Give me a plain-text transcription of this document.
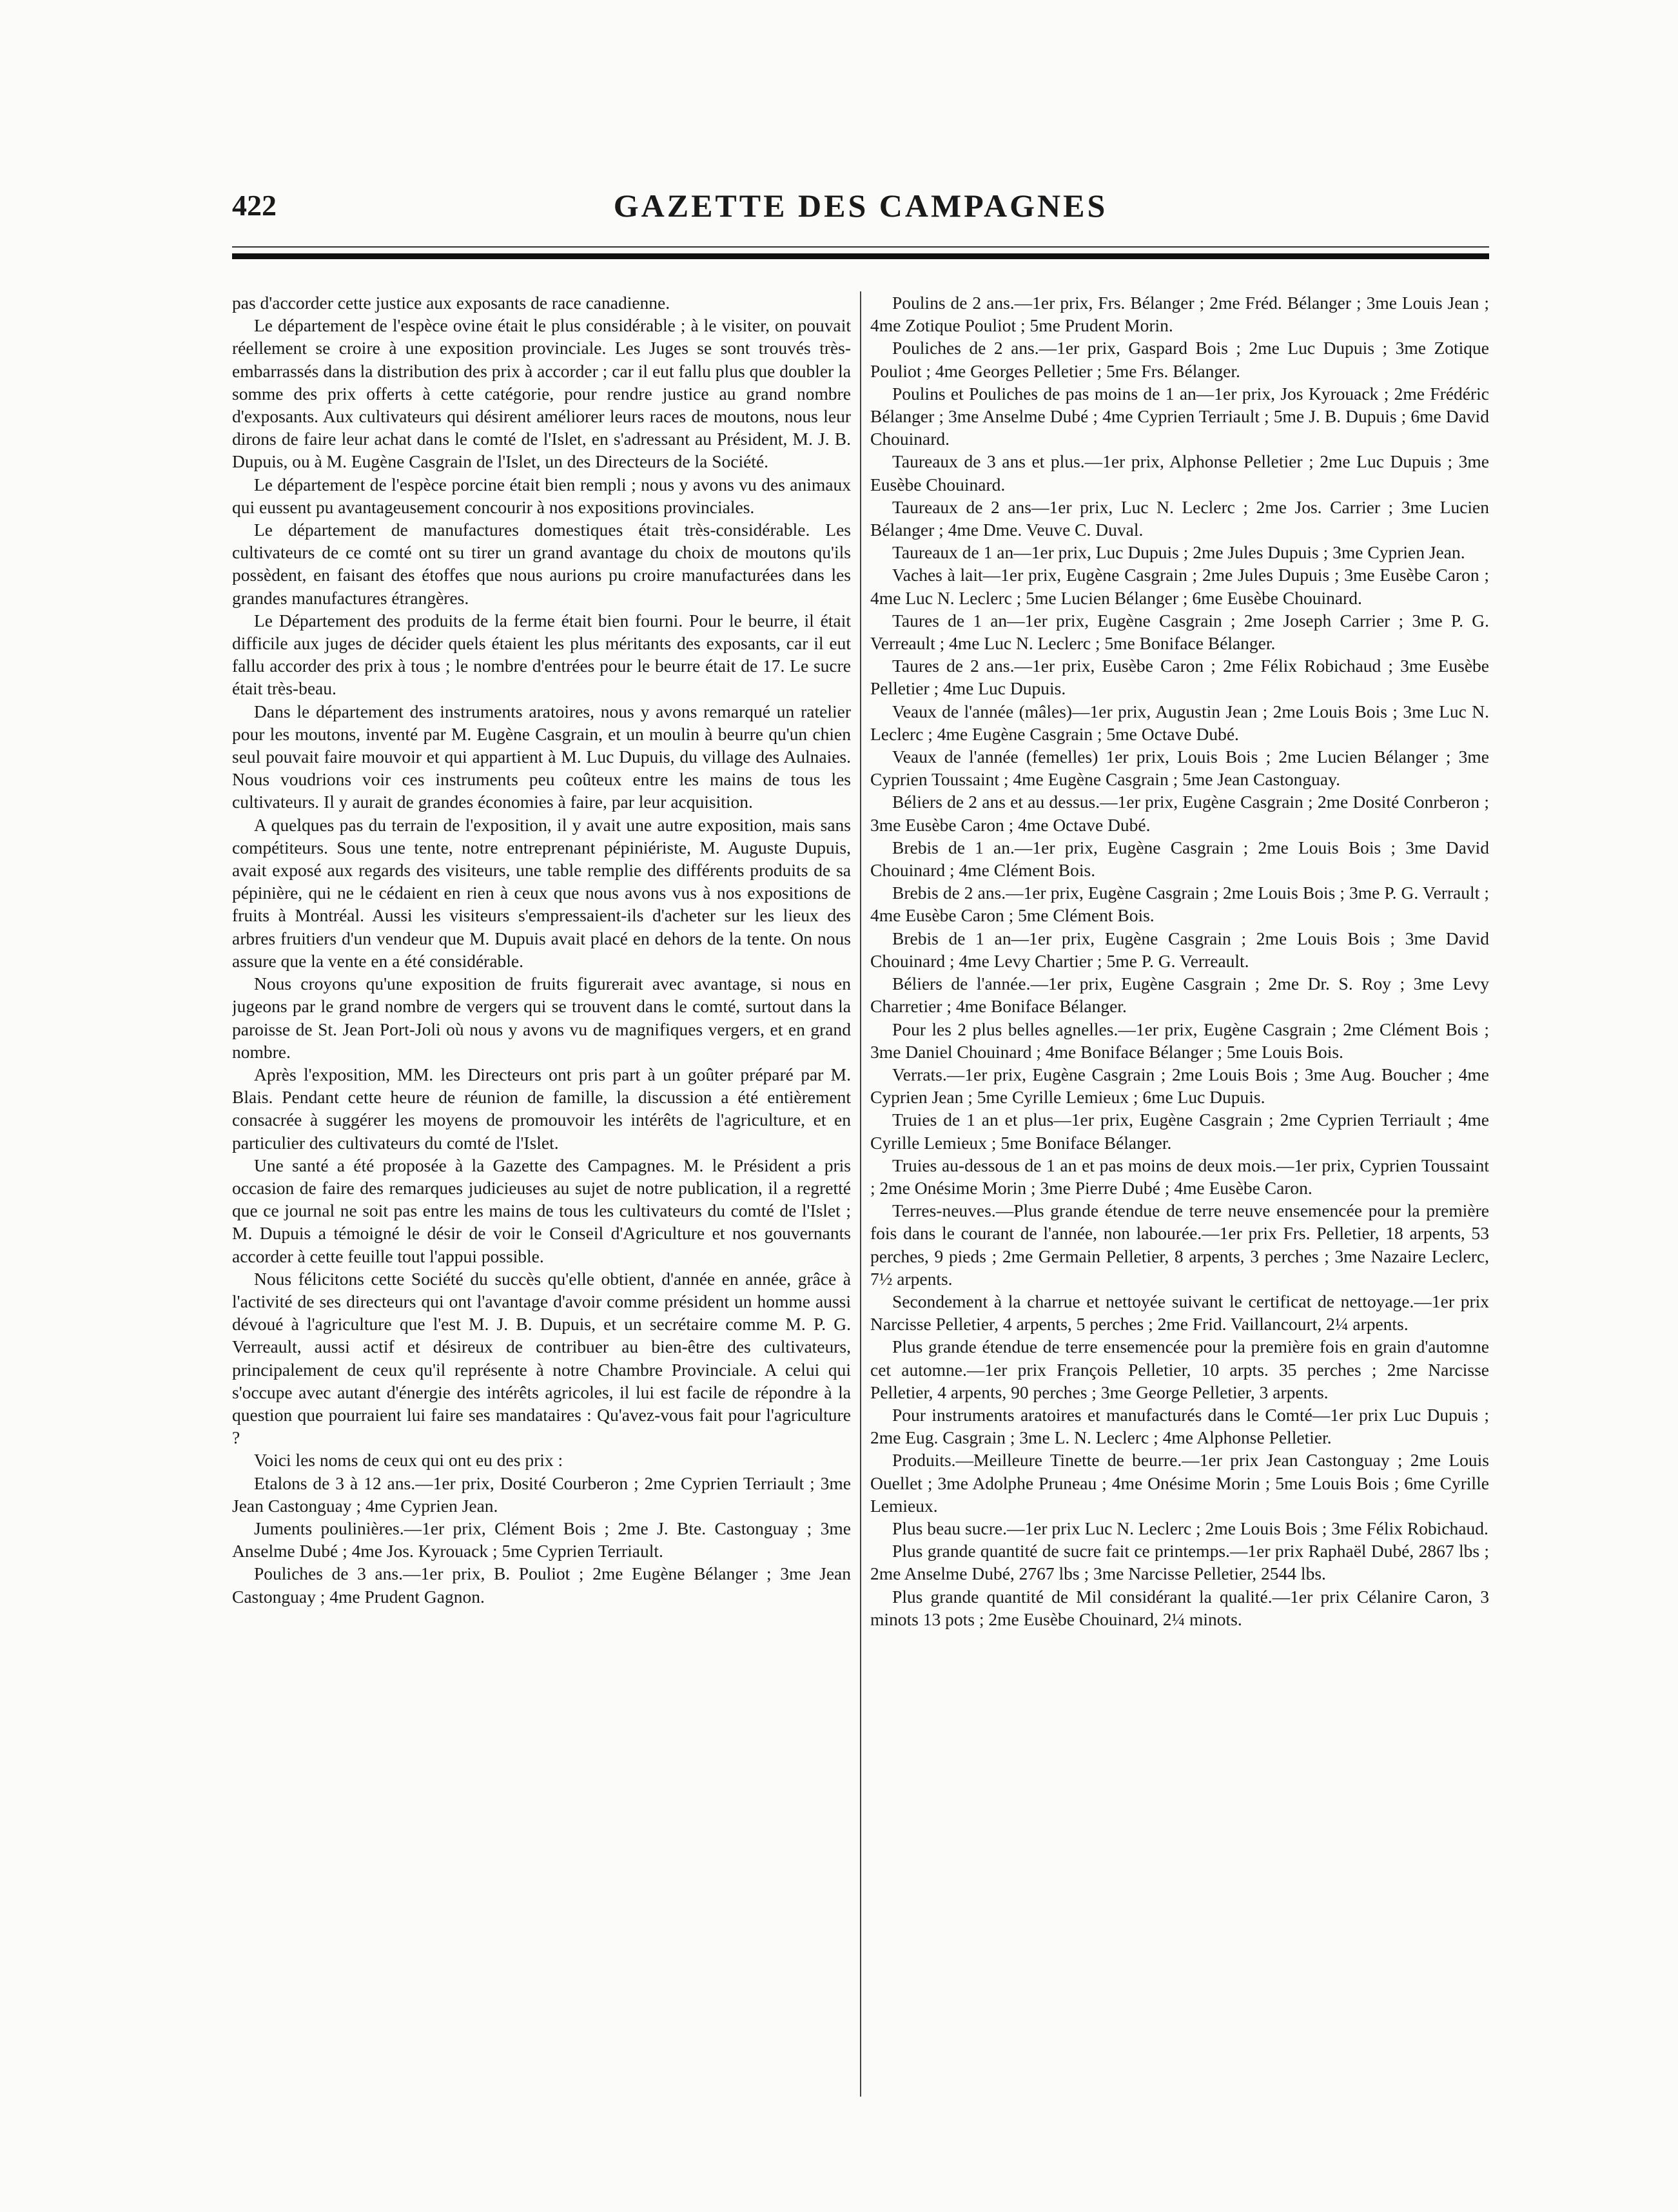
422	GAZETTE DES CAMPAGNES

pas d'accorder cette justice aux exposants de race canadienne.

Le département de l'espèce ovine était le plus considérable ; à le visiter, on pouvait réellement se croire à une exposition provinciale. Les Juges se sont trouvés très-embarrassés dans la distribution des prix à accorder ; car il eut fallu plus que doubler la somme des prix offerts à cette catégorie, pour rendre justice au grand nombre d'exposants. Aux cultivateurs qui désirent améliorer leurs races de moutons, nous leur dirons de faire leur achat dans le comté de l'Islet, en s'adressant au Président, M. J. B. Dupuis, ou à M. Eugène Casgrain de l'Islet, un des Directeurs de la Société.

Le département de l'espèce porcine était bien rempli ; nous y avons vu des animaux qui eussent pu avantageusement concourir à nos expositions provinciales.

Le département de manufactures domestiques était très-considérable. Les cultivateurs de ce comté ont su tirer un grand avantage du choix de moutons qu'ils possèdent, en faisant des étoffes que nous aurions pu croire manufacturées dans les grandes manufactures étrangères.

Le Département des produits de la ferme était bien fourni. Pour le beurre, il était difficile aux juges de décider quels étaient les plus méritants des exposants, car il eut fallu accorder des prix à tous ; le nombre d'entrées pour le beurre était de 17. Le sucre était très-beau.

Dans le département des instruments aratoires, nous y avons remarqué un ratelier pour les moutons, inventé par M. Eugène Casgrain, et un moulin à beurre qu'un chien seul pouvait faire mouvoir et qui appartient à M. Luc Dupuis, du village des Aulnaies. Nous voudrions voir ces instruments peu coûteux entre les mains de tous les cultivateurs. Il y aurait de grandes économies à faire, par leur acquisition.

A quelques pas du terrain de l'exposition, il y avait une autre exposition, mais sans compétiteurs. Sous une tente, notre entreprenant pépiniériste, M. Auguste Dupuis, avait exposé aux regards des visiteurs, une table remplie des différents produits de sa pépinière, qui ne le cédaient en rien à ceux que nous avons vus à nos expositions de fruits à Montréal. Aussi les visiteurs s'empressaient-ils d'acheter sur les lieux des arbres fruitiers d'un vendeur que M. Dupuis avait placé en dehors de la tente. On nous assure que la vente en a été considérable.

Nous croyons qu'une exposition de fruits figurerait avec avantage, si nous en jugeons par le grand nombre de vergers qui se trouvent dans le comté, surtout dans la paroisse de St. Jean Port-Joli où nous y avons vu de magnifiques vergers, et en grand nombre.

Après l'exposition, MM. les Directeurs ont pris part à un goûter préparé par M. Blais. Pendant cette heure de réunion de famille, la discussion a été entièrement consacrée à suggérer les moyens de promouvoir les intérêts de l'agriculture, et en particulier des cultivateurs du comté de l'Islet.

Une santé a été proposée à la Gazette des Campagnes. M. le Président a pris occasion de faire des remarques judicieuses au sujet de notre publication, il a regretté que ce journal ne soit pas entre les mains de tous les cultivateurs du comté de l'Islet ; M. Dupuis a témoigné le désir de voir le Conseil d'Agriculture et nos gouvernants accorder à cette feuille tout l'appui possible.

Nous félicitons cette Société du succès qu'elle obtient, d'année en année, grâce à l'activité de ses directeurs qui ont l'avantage d'avoir comme président un homme aussi dévoué à l'agriculture que l'est M. J. B. Dupuis, et un secrétaire comme M. P. G. Verreault, aussi actif et désireux de contribuer au bien-être des cultivateurs, principalement de ceux qu'il représente à notre Chambre Provinciale. A celui qui s'occupe avec autant d'énergie des intérêts agricoles, il lui est facile de répondre à la question que pourraient lui faire ses mandataires : Qu'avez-vous fait pour l'agriculture ?

Voici les noms de ceux qui ont eu des prix :

Etalons de 3 à 12 ans.—1er prix, Dosité Courberon ; 2me Cyprien Terriault ; 3me Jean Castonguay ; 4me Cyprien Jean.

Juments poulinières.—1er prix, Clément Bois ; 2me J. Bte. Castonguay ; 3me Anselme Dubé ; 4me Jos. Kyrouack ; 5me Cyprien Terriault.

Pouliches de 3 ans.—1er prix, B. Pouliot ; 2me Eugène Bélanger ; 3me Jean Castonguay ; 4me Prudent Gagnon.

Poulins de 2 ans.—1er prix, Frs. Bélanger ; 2me Fréd. Bélanger ; 3me Louis Jean ; 4me Zotique Pouliot ; 5me Prudent Morin.

Pouliches de 2 ans.—1er prix, Gaspard Bois ; 2me Luc Dupuis ; 3me Zotique Pouliot ; 4me Georges Pelletier ; 5me Frs. Bélanger.

Poulins et Pouliches de pas moins de 1 an—1er prix, Jos Kyrouack ; 2me Frédéric Bélanger ; 3me Anselme Dubé ; 4me Cyprien Terriault ; 5me J. B. Dupuis ; 6me David Chouinard.

Taureaux de 3 ans et plus.—1er prix, Alphonse Pelletier ; 2me Luc Dupuis ; 3me Eusèbe Chouinard.

Taureaux de 2 ans—1er prix, Luc N. Leclerc ; 2me Jos. Carrier ; 3me Lucien Bélanger ; 4me Dme. Veuve C. Duval.

Taureaux de 1 an—1er prix, Luc Dupuis ; 2me Jules Dupuis ; 3me Cyprien Jean.

Vaches à lait—1er prix, Eugène Casgrain ; 2me Jules Dupuis ; 3me Eusèbe Caron ; 4me Luc N. Leclerc ; 5me Lucien Bélanger ; 6me Eusèbe Chouinard.

Taures de 1 an—1er prix, Eugène Casgrain ; 2me Joseph Carrier ; 3me P. G. Verreault ; 4me Luc N. Leclerc ; 5me Boniface Bélanger.

Taures de 2 ans.—1er prix, Eusèbe Caron ; 2me Félix Robichaud ; 3me Eusèbe Pelletier ; 4me Luc Dupuis.

Veaux de l'année (mâles)—1er prix, Augustin Jean ; 2me Louis Bois ; 3me Luc N. Leclerc ; 4me Eugène Casgrain ; 5me Octave Dubé.

Veaux de l'année (femelles) 1er prix, Louis Bois ; 2me Lucien Bélanger ; 3me Cyprien Toussaint ; 4me Eugène Casgrain ; 5me Jean Castonguay.

Béliers de 2 ans et au dessus.—1er prix, Eugène Casgrain ; 2me Dosité Conrberon ; 3me Eusèbe Caron ; 4me Octave Dubé.

Brebis de 1 an.—1er prix, Eugène Casgrain ; 2me Louis Bois ; 3me David Chouinard ; 4me Clément Bois.

Brebis de 2 ans.—1er prix, Eugène Casgrain ; 2me Louis Bois ; 3me P. G. Verrault ; 4me Eusèbe Caron ; 5me Clément Bois.

Brebis de 1 an—1er prix, Eugène Casgrain ; 2me Louis Bois ; 3me David Chouinard ; 4me Levy Chartier ; 5me P. G. Verreault.

Béliers de l'année.—1er prix, Eugène Casgrain ; 2me Dr. S. Roy ; 3me Levy Charretier ; 4me Boniface Bélanger.

Pour les 2 plus belles agnelles.—1er prix, Eugène Casgrain ; 2me Clément Bois ; 3me Daniel Chouinard ; 4me Boniface Bélanger ; 5me Louis Bois.

Verrats.—1er prix, Eugène Casgrain ; 2me Louis Bois ; 3me Aug. Boucher ; 4me Cyprien Jean ; 5me Cyrille Lemieux ; 6me Luc Dupuis.

Truies de 1 an et plus—1er prix, Eugène Casgrain ; 2me Cyprien Terriault ; 4me Cyrille Lemieux ; 5me Boniface Bélanger.

Truies au-dessous de 1 an et pas moins de deux mois.—1er prix, Cyprien Toussaint ; 2me Onésime Morin ; 3me Pierre Dubé ; 4me Eusèbe Caron.

Terres-neuves.—Plus grande étendue de terre neuve ensemencée pour la première fois dans le courant de l'année, non labourée.—1er prix Frs. Pelletier, 18 arpents, 53 perches, 9 pieds ; 2me Germain Pelletier, 8 arpents, 3 perches ; 3me Nazaire Leclerc, 7½ arpents.

Secondement à la charrue et nettoyée suivant le certificat de nettoyage.—1er prix Narcisse Pelletier, 4 arpents, 5 perches ; 2me Frid. Vaillancourt, 2¼ arpents.

Plus grande étendue de terre ensemencée pour la première fois en grain d'automne cet automne.—1er prix François Pelletier, 10 arpts. 35 perches ; 2me Narcisse Pelletier, 4 arpents, 90 perches ; 3me George Pelletier, 3 arpents.

Pour instruments aratoires et manufacturés dans le Comté—1er prix Luc Dupuis ; 2me Eug. Casgrain ; 3me L. N. Leclerc ; 4me Alphonse Pelletier.

Produits.—Meilleure Tinette de beurre.—1er prix Jean Castonguay ; 2me Louis Ouellet ; 3me Adolphe Pruneau ; 4me Onésime Morin ; 5me Louis Bois ; 6me Cyrille Lemieux.

Plus beau sucre.—1er prix Luc N. Leclerc ; 2me Louis Bois ; 3me Félix Robichaud.

Plus grande quantité de sucre fait ce printemps.—1er prix Raphaël Dubé, 2867 lbs ; 2me Anselme Dubé, 2767 lbs ; 3me Narcisse Pelletier, 2544 lbs.

Plus grande quantité de Mil considérant la qualité.—1er prix Célanire Caron, 3 minots 13 pots ; 2me Eusèbe Chouinard, 2¼ minots.
